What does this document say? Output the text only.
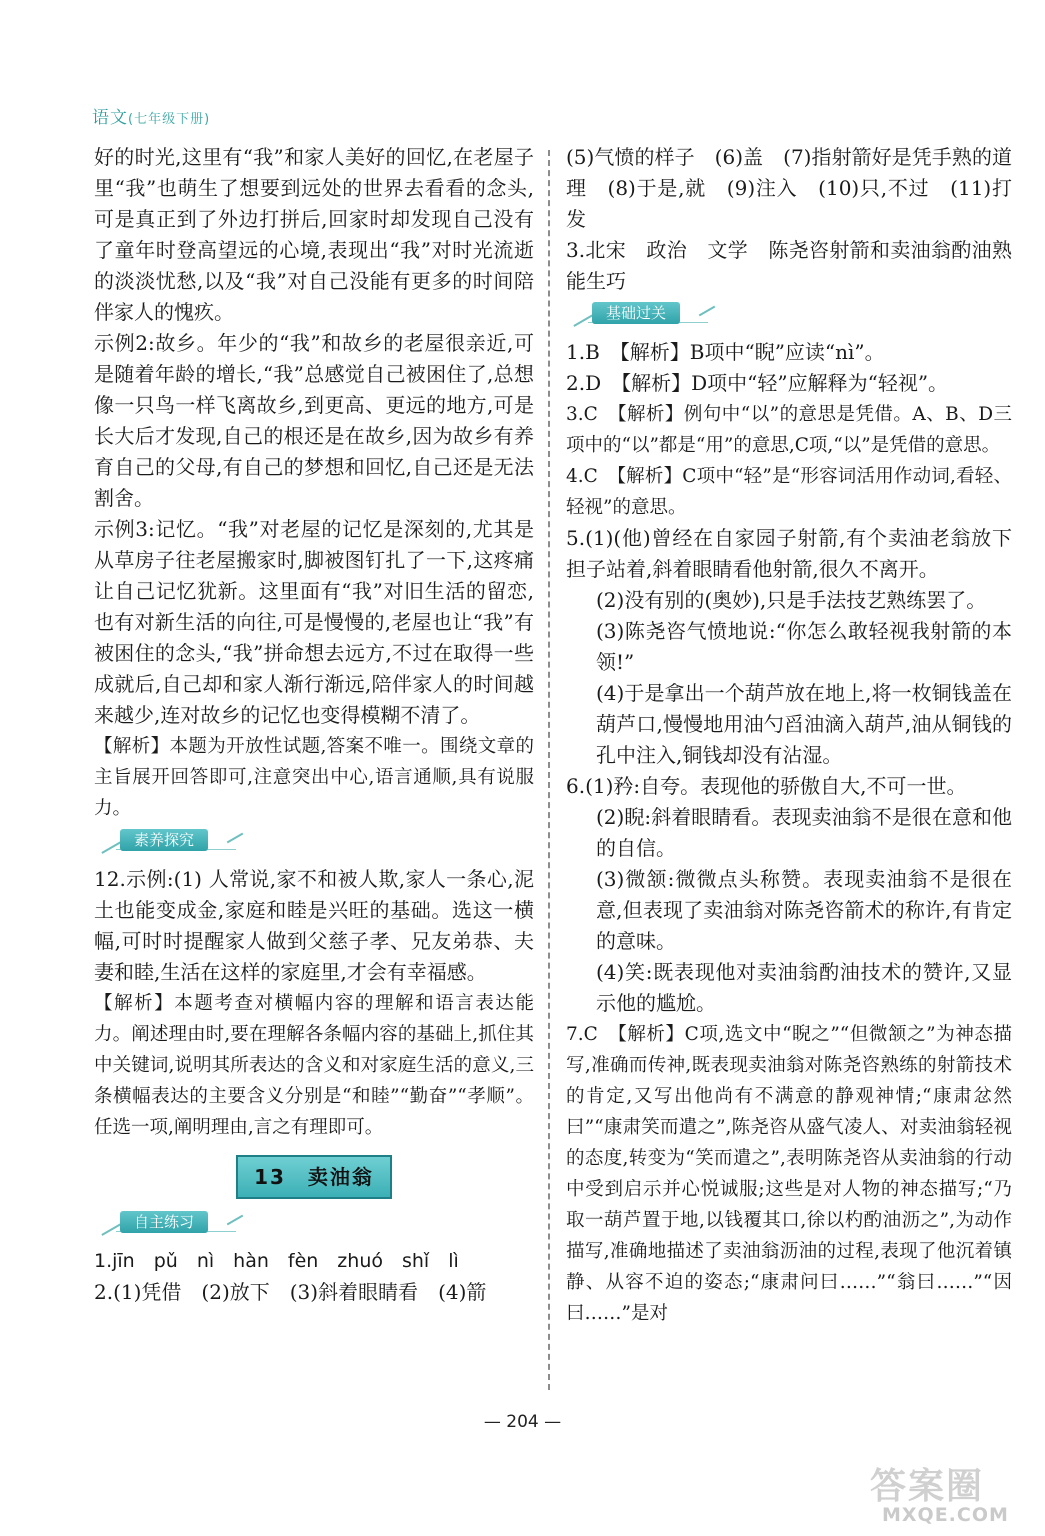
语文(七年级下册)

好的时光,这里有“我”和家人美好的回忆,在老屋子里“我”也萌生了想要到远处的世界去看看的念头,可是真正到了外边打拼后,回家时却发现自己没有了童年时登高望远的心境,表现出“我”对时光流逝的淡淡忧愁,以及“我”对自己没能有更多的时间陪伴家人的愧疚。

示例2:故乡。年少的“我”和故乡的老屋很亲近,可是随着年龄的增长,“我”总感觉自己被困住了,总想像一只鸟一样飞离故乡,到更高、更远的地方,可是长大后才发现,自己的根还是在故乡,因为故乡有养育自己的父母,有自己的梦想和回忆,自己还是无法割舍。

示例3:记忆。“我”对老屋的记忆是深刻的,尤其是从草房子往老屋搬家时,脚被图钉扎了一下,这疼痛让自己记忆犹新。这里面有“我”对旧生活的留恋,也有对新生活的向往,可是慢慢的,老屋也让“我”有被困住的念头,“我”拼命想去远方,不过在取得一些成就后,自己却和家人渐行渐远,陪伴家人的时间越来越少,连对故乡的记忆也变得模糊不清了。

【解析】本题为开放性试题,答案不唯一。围绕文章的主旨展开回答即可,注意突出中心,语言通顺,具有说服力。

素养探究

12.示例:(1) 人常说,家不和被人欺,家人一条心,泥土也能变成金,家庭和睦是兴旺的基础。选这一横幅,可时时提醒家人做到父慈子孝、兄友弟恭、夫妻和睦,生活在这样的家庭里,才会有幸福感。

【解析】本题考查对横幅内容的理解和语言表达能力。阐述理由时,要在理解各条幅内容的基础上,抓住其中关键词,说明其所表达的含义和对家庭生活的意义,三条横幅表达的主要含义分别是“和睦”“勤奋”“孝顺”。任选一项,阐明理由,言之有理即可。

13　卖油翁
自主练习

1.jīn　pǔ　nì　hàn　fèn　zhuó　shǐ　lì

2.(1)凭借　(2)放下　(3)斜着眼睛看　(4)箭

(5)气愤的样子　(6)盖　(7)指射箭好是凭手熟的道理　(8)于是,就　(9)注入　(10)只,不过　(11)打发

3.北宋　政治　文学　陈尧咨射箭和卖油翁酌油熟能生巧

基础过关

1.B　【解析】B项中“睨”应读“nì”。

2.D　【解析】D项中“轻”应解释为“轻视”。

3.C　【解析】例句中“以”的意思是凭借。A、B、D三项中的“以”都是“用”的意思,C项,“以”是凭借的意思。

4.C　【解析】C项中“轻”是“形容词活用作动词,看轻、轻视”的意思。

5.(1)(他)曾经在自家园子射箭,有个卖油老翁放下担子站着,斜着眼睛看他射箭,很久不离开。

(2)没有别的(奥妙),只是手法技艺熟练罢了。

(3)陈尧咨气愤地说:“你怎么敢轻视我射箭的本领!”

(4)于是拿出一个葫芦放在地上,将一枚铜钱盖在葫芦口,慢慢地用油勺舀油滴入葫芦,油从铜钱的孔中注入,铜钱却没有沾湿。

6.(1)矜:自夸。表现他的骄傲自大,不可一世。

(2)睨:斜着眼睛看。表现卖油翁不是很在意和他的自信。

(3)微颔:微微点头称赞。表现卖油翁不是很在意,但表现了卖油翁对陈尧咨箭术的称许,有肯定的意味。

(4)笑:既表现他对卖油翁酌油技术的赞许,又显示他的尴尬。

7.C　【解析】C项,选文中“睨之”“但微颔之”为神态描写,准确而传神,既表现卖油翁对陈尧咨熟练的射箭技术的肯定,又写出他尚有不满意的静观神情;“康肃忿然曰”“康肃笑而遣之”,陈尧咨从盛气凌人、对卖油翁轻视的态度,转变为“笑而遣之”,表明陈尧咨从卖油翁的行动中受到启示并心悦诚服;这些是对人物的神态描写;“乃取一葫芦置于地,以钱覆其口,徐以杓酌油沥之”,为动作描写,准确地描述了卖油翁沥油的过程,表现了他沉着镇静、从容不迫的姿态;“康肃问曰……”“翁曰……”“因曰……”是对

— 204 —
答案圈
MXQE.COM
